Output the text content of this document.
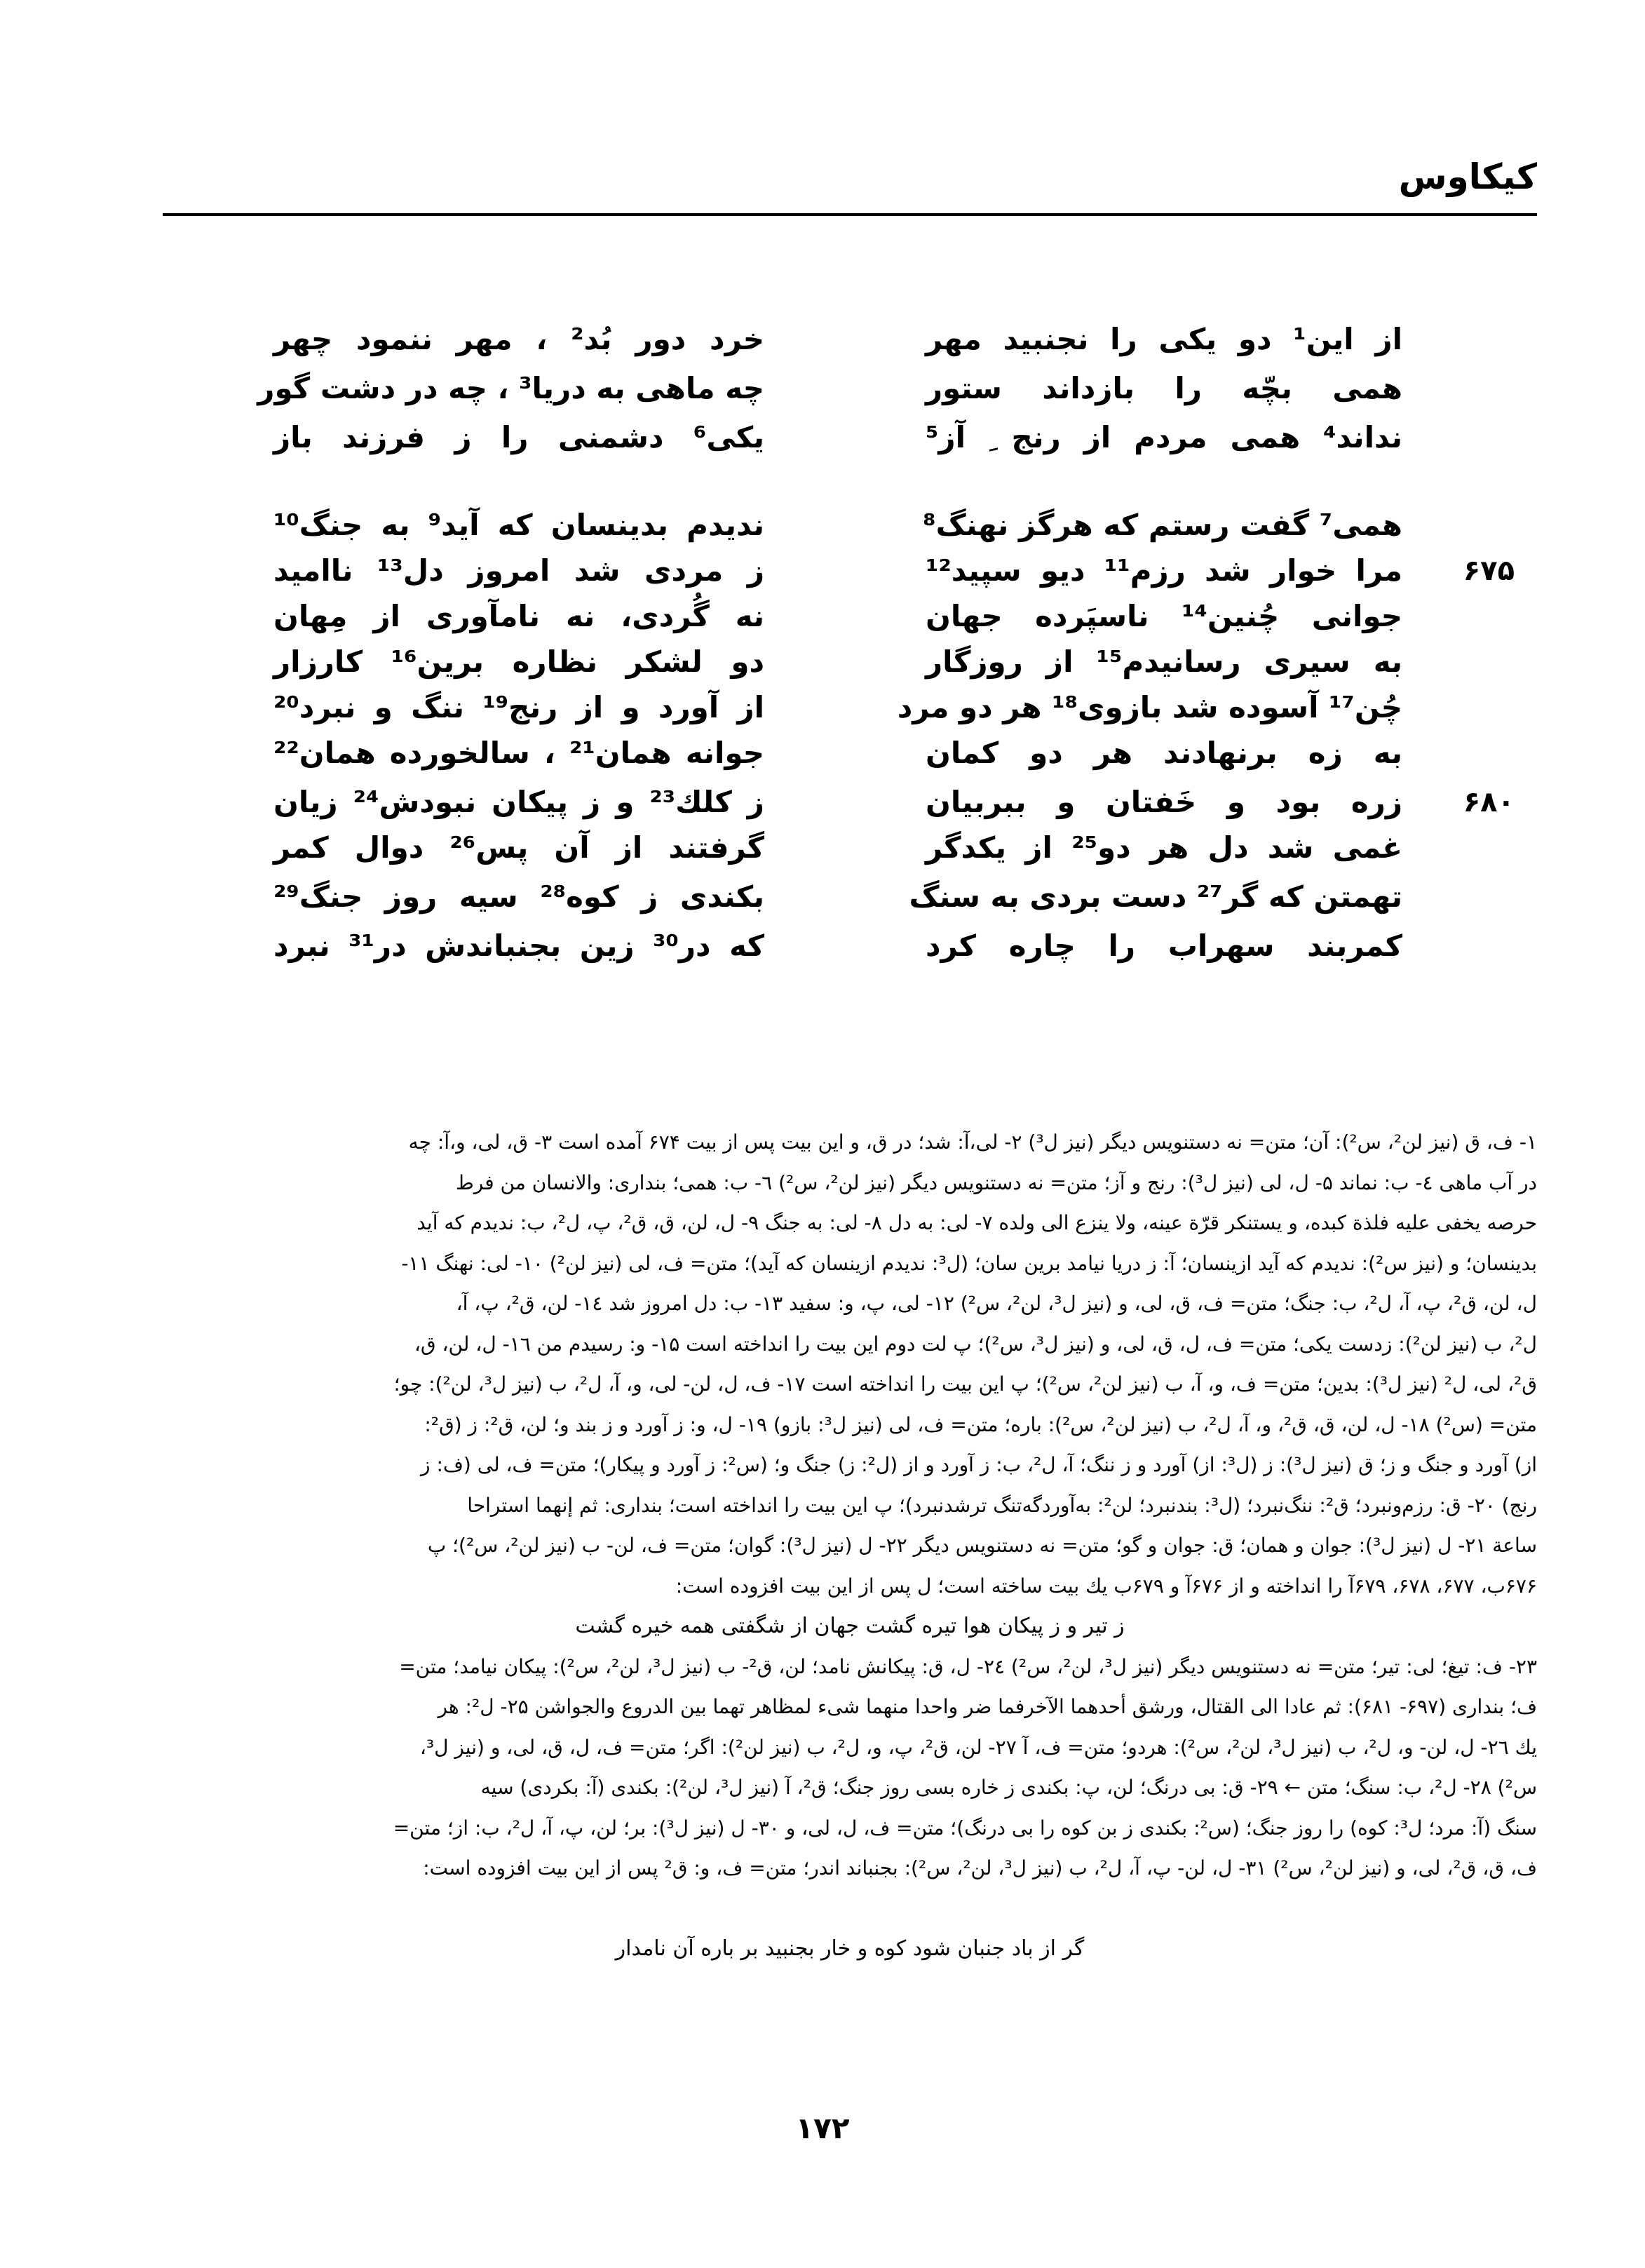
کیکاوس
از این¹ دو یکی را نجنبید مهر
خرد دور بُد² ، مهر ننمود چهر
همی بچّه را بازداند ستور
چه ماهی به دریا³ ، چه در دشت گور
نداند⁴ همی مردم از رنج ِ آز⁵
یکی⁶ دشمنی را ز فرزند باز
همی⁷ گفت رستم که هرگز نهنگ⁸
ندیدم بدینسان که آید⁹ به جنگ¹⁰
۶۷۵
مرا خوار شد رزم¹¹ دیو سپید¹²
ز مردی شد امروز دل¹³ ناامید
جوانی چُنین¹⁴ ناسپَرده جهان
نه گُردی، نه نامآوری از مِهان
به سیری رسانیدم¹⁵ از روزگار
دو لشکر نظاره برین¹⁶ کارزار
چُن¹⁷ آسوده شد بازوی¹⁸ هر دو مرد
از آورد و از رنج¹⁹ ننگ و نبرد²⁰
به زه برنهادند هر دو کمان
جوانه همان²¹ ، سالخورده همان²²
۶۸۰
زره بود و خَفتان و ببربیان
ز کلك²³ و ز پیکان نبودش²⁴ زیان
غمی شد دل هر دو²⁵ از یکدگر
گرفتند از آن پس²⁶ دوال کمر
تهمتن که گر²⁷ دست بردی به سنگ
بکندی ز کوه²⁸ سیه روز جنگ²⁹
کمربند سهراب را چاره کرد
که در³⁰ زین بجنباندش در³¹ نبرد
۱- ف، ق (نیز لن²، س²): آن؛ متن= نه دستنویس دیگر (نیز ل³) ۲- لی،آ: شد؛ در ق، و این بیت پس از بیت ۶۷۴ آمده است ۳- ق، لی، و،آ: چه
در آب ماهی ٤- ب: نماند ۵- ل، لی (نیز ل³): رنج و آز؛ متن= نه دستنویس دیگر (نیز لن²، س²) ٦- ب: همی؛ بنداری: والانسان من فرط
حرصه یخفی علیه فلذة کبده، و یستنکر قرّة عینه، ولا ینزع الی ولده ۷- لی: به دل ۸- لی: به جنگ ۹- ل، لن، ق، ق²، پ، ل²، ب: ندیدم که آید
بدینسان؛ و (نیز س²): ندیدم که آید ازینسان؛ آ: ز دریا نیامد برین سان؛ (ل³: ندیدم ازینسان که آید)؛ متن= ف، لی (نیز لن²) ۱۰- لی: نهنگ ۱۱-
ل، لن، ق²، پ، آ، ل²، ب: جنگ؛ متن= ف، ق، لی، و (نیز ل³، لن²، س²) ۱۲- لی، پ، و: سفید ۱۳- ب: دل امروز شد ١٤- لن، ق²، پ، آ،
ل²، ب (نیز لن²): زدست یکی؛ متن= ف، ل، ق، لی، و (نیز ل³، س²)؛ پ لت دوم این بیت را انداخته است ۱۵- و: رسیدم من ١٦- ل، لن، ق،
ق²، لی، ل² (نیز ل³): بدین؛ متن= ف، و، آ، ب (نیز لن²، س²)؛ پ این بیت را انداخته است ۱۷- ف، ل، لن- لی، و، آ، ل²، ب (نیز ل³، لن²): چو؛
متن= (س²) ۱۸- ل، لن، ق، ق²، و، آ، ل²، ب (نیز لن²، س²): باره؛ متن= ف، لی (نیز ل³: بازو) ۱۹- ل، و: ز آورد و ز بند و؛ لن، ق²: ز (ق²:
از) آورد و جنگ و ز؛ ق (نیز ل³): ز (ل³: از) آورد و ز ننگ؛ آ، ل²، ب: ز آورد و از (ل²: ز) جنگ و؛ (س²: ز آورد و پیکار)؛ متن= ف، لی (ف: ز
رنج) ۲۰- ق: رزم‌ونبرد؛ ق²: ننگ‌نبرد؛ (ل³: بندنبرد؛ لن²: به‌آوردگه‌تنگ ترشدنبرد)؛ پ این بیت را انداخته است؛ بنداری: ثم إنهما استراحا
ساعة ۲۱- ل (نیز ل³): جوان و همان؛ ق: جوان و گو؛ متن= نه دستنویس دیگر ۲۲- ل (نیز ل³): گوان؛ متن= ف، لن- ب (نیز لن²، س²)؛ پ
۶۷۶ب، ۶۷۷، ۶۷۸، ۶۷۹آ را انداخته و از ۶۷۶آ و ۶۷۹ب یك بیت ساخته است؛ ل پس از این بیت افزوده است:
ز تیر و ز پیکان هوا تیره گشت جهان از شگفتی همه خیره گشت
۲۳- ف: تیغ؛ لی: تیر؛ متن= نه دستنویس دیگر (نیز ل³، لن²، س²) ٢٤- ل، ق: پیکانش نامد؛ لن، ق²- ب (نیز ل³، لن²، س²): پیکان نیامد؛ متن=
ف؛ بنداری (۶۹۷- ۶۸۱): ثم عادا الی القتال، ورشق أحدهما الآخرفما ضر واحدا منهما شیء لمظاهر تهما بین الدروع والجواشن ۲۵- ل²: هر
یك ٢٦- ل، لن- و، ل²، ب (نیز ل³، لن²، س²): هردو؛ متن= ف، آ ۲۷- لن، ق²، پ، و، ل²، ب (نیز لن²): اگر؛ متن= ف، ل، ق، لی، و (نیز ل³،
س²) ۲۸- ل²، ب: سنگ؛ متن ← ۲۹- ق: بی درنگ؛ لن، پ: بکندی ز خاره بسی روز جنگ؛ ق²، آ (نیز ل³، لن²): بکندی (آ: بکردی) سیه
سنگ (آ: مرد؛ ل³: کوه) را روز جنگ؛ (س²: بکندی ز بن کوه را بی درنگ)؛ متن= ف، ل، لی، و ۳۰- ل (نیز ل³): بر؛ لن، پ، آ، ل²، ب: از؛ متن=
ف، ق، ق²، لی، و (نیز لن²، س²) ۳۱- ل، لن- پ، آ، ل²، ب (نیز ل³، لن²، س²): بجنباند اندر؛ متن= ف، و: ق² پس از این بیت افزوده است:
گر از باد جنبان شود کوه و خار بجنبید بر باره آن نامدار
۱۷۲
